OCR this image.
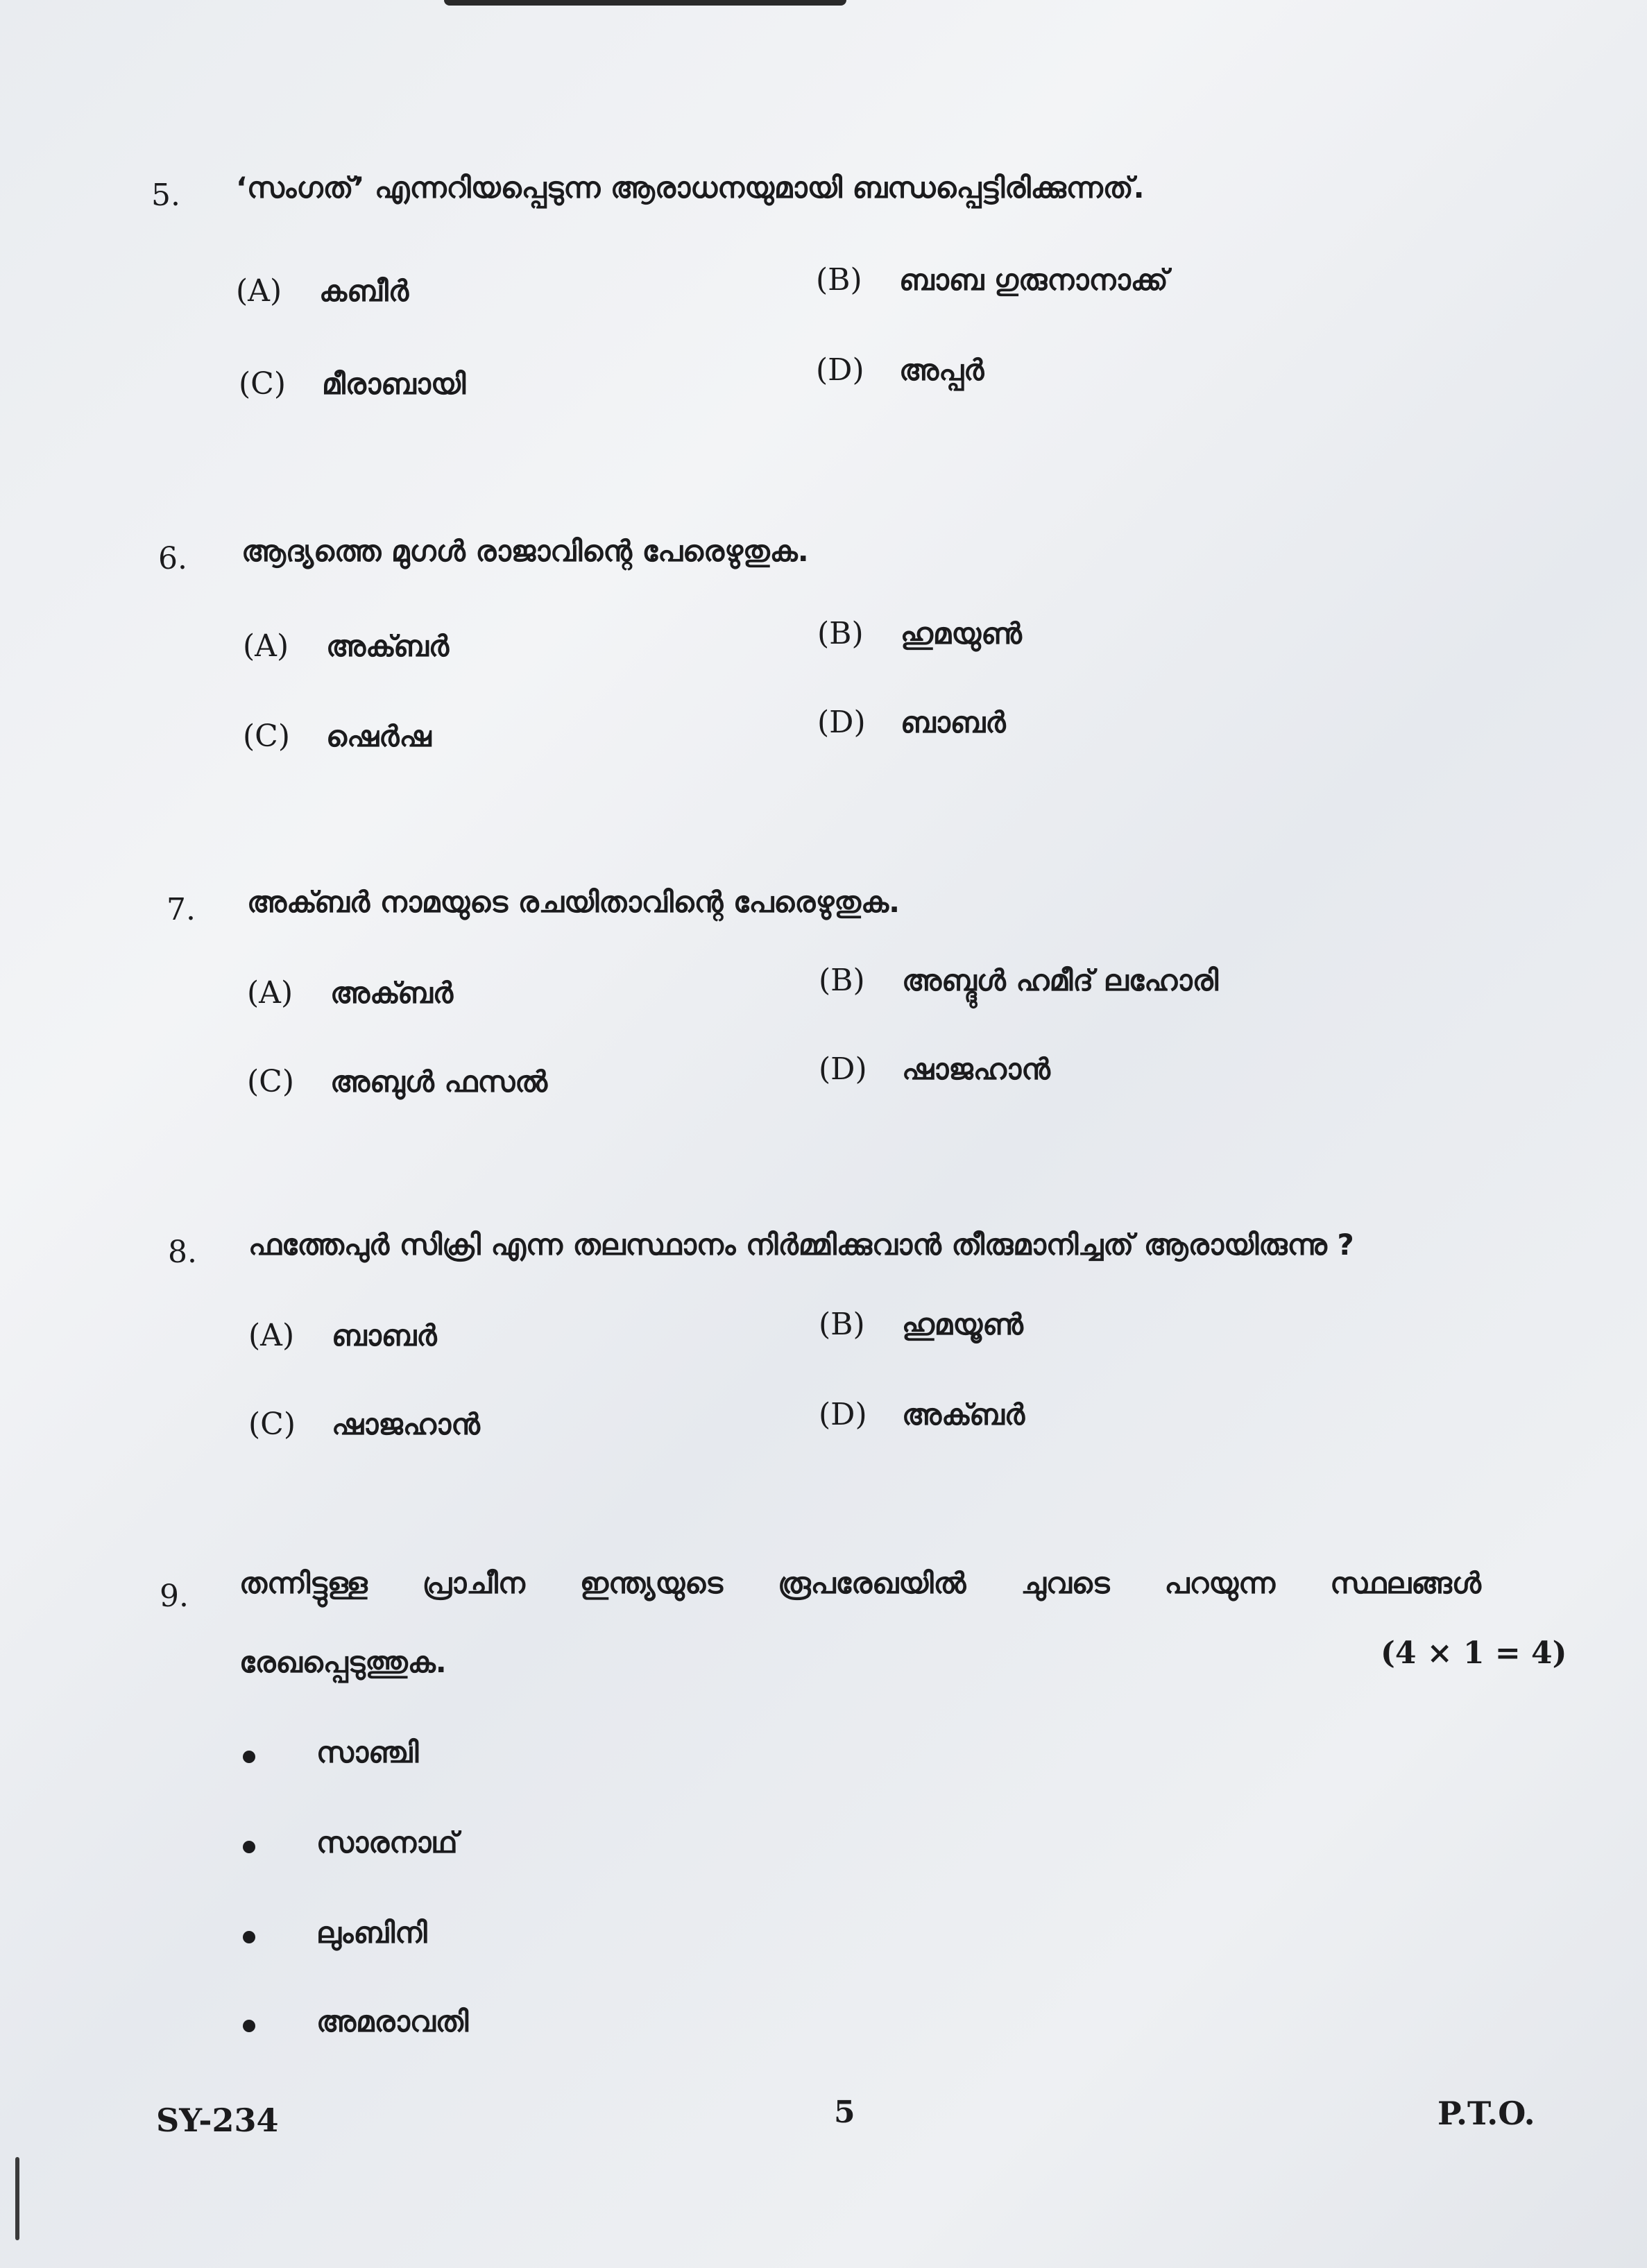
5. ‘സംഗത്’ എന്നറിയപ്പെടുന്ന ആരാധനയുമായി ബന്ധപ്പെട്ടിരിക്കുന്നത്.
(A) കബീർ	(B) ബാബ ഗുരുനാനാക്ക്
(C) മീരാബായി	(D) അപ്പർ
6. ആദ്യത്തെ മുഗൾ രാജാവിന്റെ പേരെഴുതുക.
(A) അക്ബർ	(B) ഹുമയുൺ
(C) ഷെർഷ	(D) ബാബർ
7. അക്ബർ നാമയുടെ രചയിതാവിന്റെ പേരെഴുതുക.
(A) അക്ബർ	(B) അബ്ദുൾ ഹമീദ് ലഹോരി
(C) അബുൾ ഫസൽ	(D) ഷാജഹാൻ
8. ഫത്തേപുർ സിക്രി എന്ന തലസ്ഥാനം നിർമ്മിക്കുവാൻ തീരുമാനിച്ചത് ആരായിരുന്നു ?
(A) ബാബർ	(B) ഹുമയൂൺ
(C) ഷാജഹാൻ	(D) അക്ബർ
9. തന്നിട്ടുള്ള പ്രാചീന ഇന്ത്യയുടെ രൂപരേഖയിൽ ചുവടെ പറയുന്ന സ്ഥലങ്ങൾ
രേഖപ്പെടുത്തുക.	(4 × 1 = 4)
സാഞ്ചി
സാരനാഥ്
ലുംബിനി
അമരാവതി
SY-234	5	P.T.O.
